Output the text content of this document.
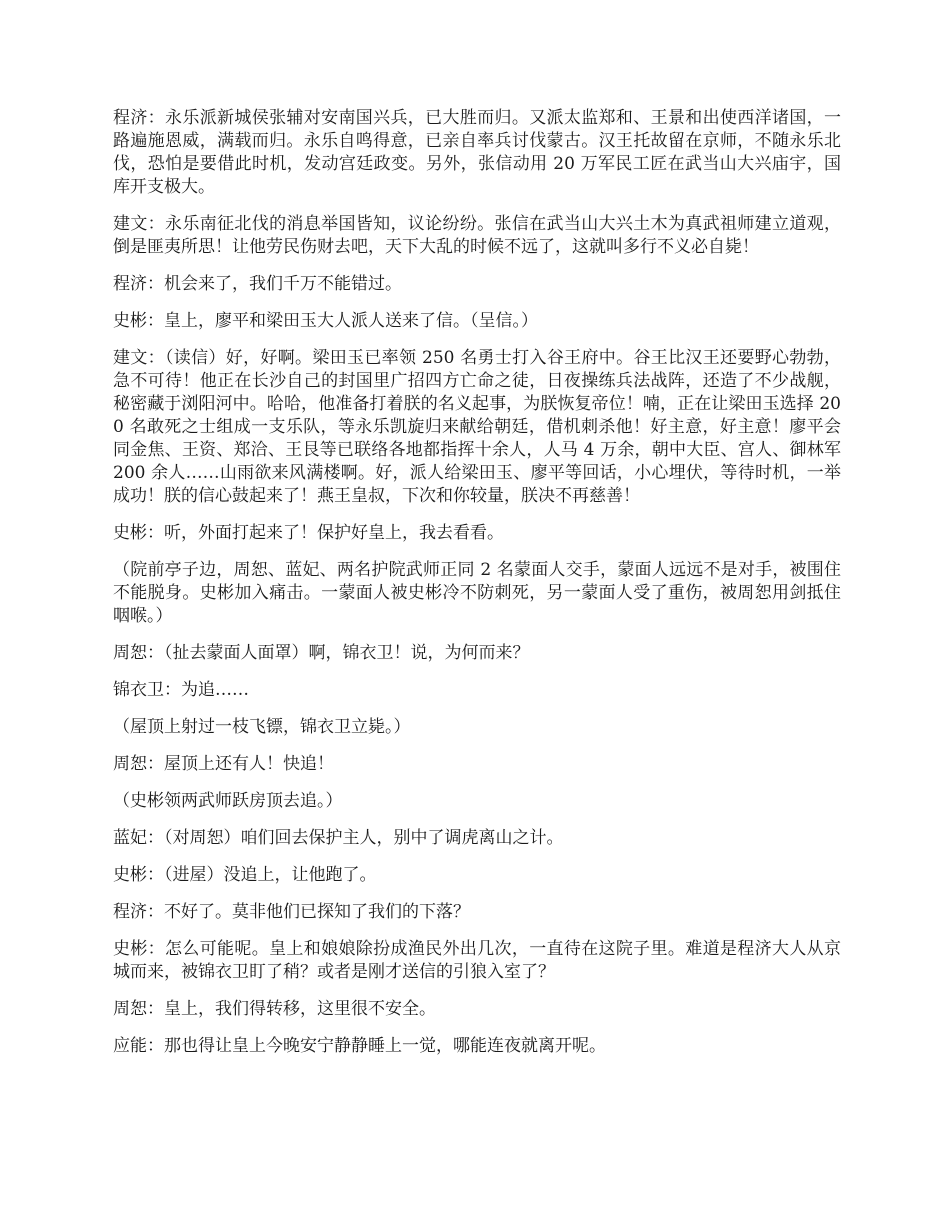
程济：永乐派新城侯张辅对安南国兴兵，已大胜而归。又派太监郑和、王景和出使西洋诸国，一路遍施恩威，满载而归。永乐自鸣得意，已亲自率兵讨伐蒙古。汉王托故留在京师，不随永乐北伐，恐怕是要借此时机，发动宫廷政变。另外，张信动用 20 万军民工匠在武当山大兴庙宇，国库开支极大。

建文：永乐南征北伐的消息举国皆知，议论纷纷。张信在武当山大兴土木为真武祖师建立道观，倒是匪夷所思！让他劳民伤财去吧，天下大乱的时候不远了，这就叫多行不义必自毙！

程济：机会来了，我们千万不能错过。

史彬：皇上，廖平和梁田玉大人派人送来了信。（呈信。）

建文：（读信）好，好啊。梁田玉已率领 250 名勇士打入谷王府中。谷王比汉王还要野心勃勃，急不可待！他正在长沙自己的封国里广招四方亡命之徒，日夜操练兵法战阵，还造了不少战舰，秘密藏于浏阳河中。哈哈，他准备打着朕的名义起事，为朕恢复帝位！喃，正在让梁田玉选择 200 名敢死之士组成一支乐队，等永乐凯旋归来献给朝廷，借机刺杀他！好主意，好主意！廖平会同金焦、王资、郑洽、王艮等已联络各地都指挥十余人，人马 4 万余，朝中大臣、宫人、御林军 200 余人……山雨欲来风满楼啊。好，派人给梁田玉、廖平等回话，小心埋伏，等待时机，一举成功！朕的信心鼓起来了！燕王皇叔，下次和你较量，朕决不再慈善！

史彬：听，外面打起来了！保护好皇上，我去看看。

（院前亭子边，周恕、蓝妃、两名护院武师正同 2 名蒙面人交手，蒙面人远远不是对手，被围住不能脱身。史彬加入痛击。一蒙面人被史彬冷不防刺死，另一蒙面人受了重伤，被周恕用剑抵住咽喉。）

周恕：（扯去蒙面人面罩）啊，锦衣卫！说，为何而来？

锦衣卫：为追……

（屋顶上射过一枝飞镖，锦衣卫立毙。）

周恕：屋顶上还有人！快追！

（史彬领两武师跃房顶去追。）

蓝妃：（对周恕）咱们回去保护主人，别中了调虎离山之计。

史彬：（进屋）没追上，让他跑了。

程济：不好了。莫非他们已探知了我们的下落？

史彬：怎么可能呢。皇上和娘娘除扮成渔民外出几次，一直待在这院子里。难道是程济大人从京城而来，被锦衣卫盯了稍？或者是刚才送信的引狼入室了？

周恕：皇上，我们得转移，这里很不安全。

应能：那也得让皇上今晚安宁静静睡上一觉，哪能连夜就离开呢。
